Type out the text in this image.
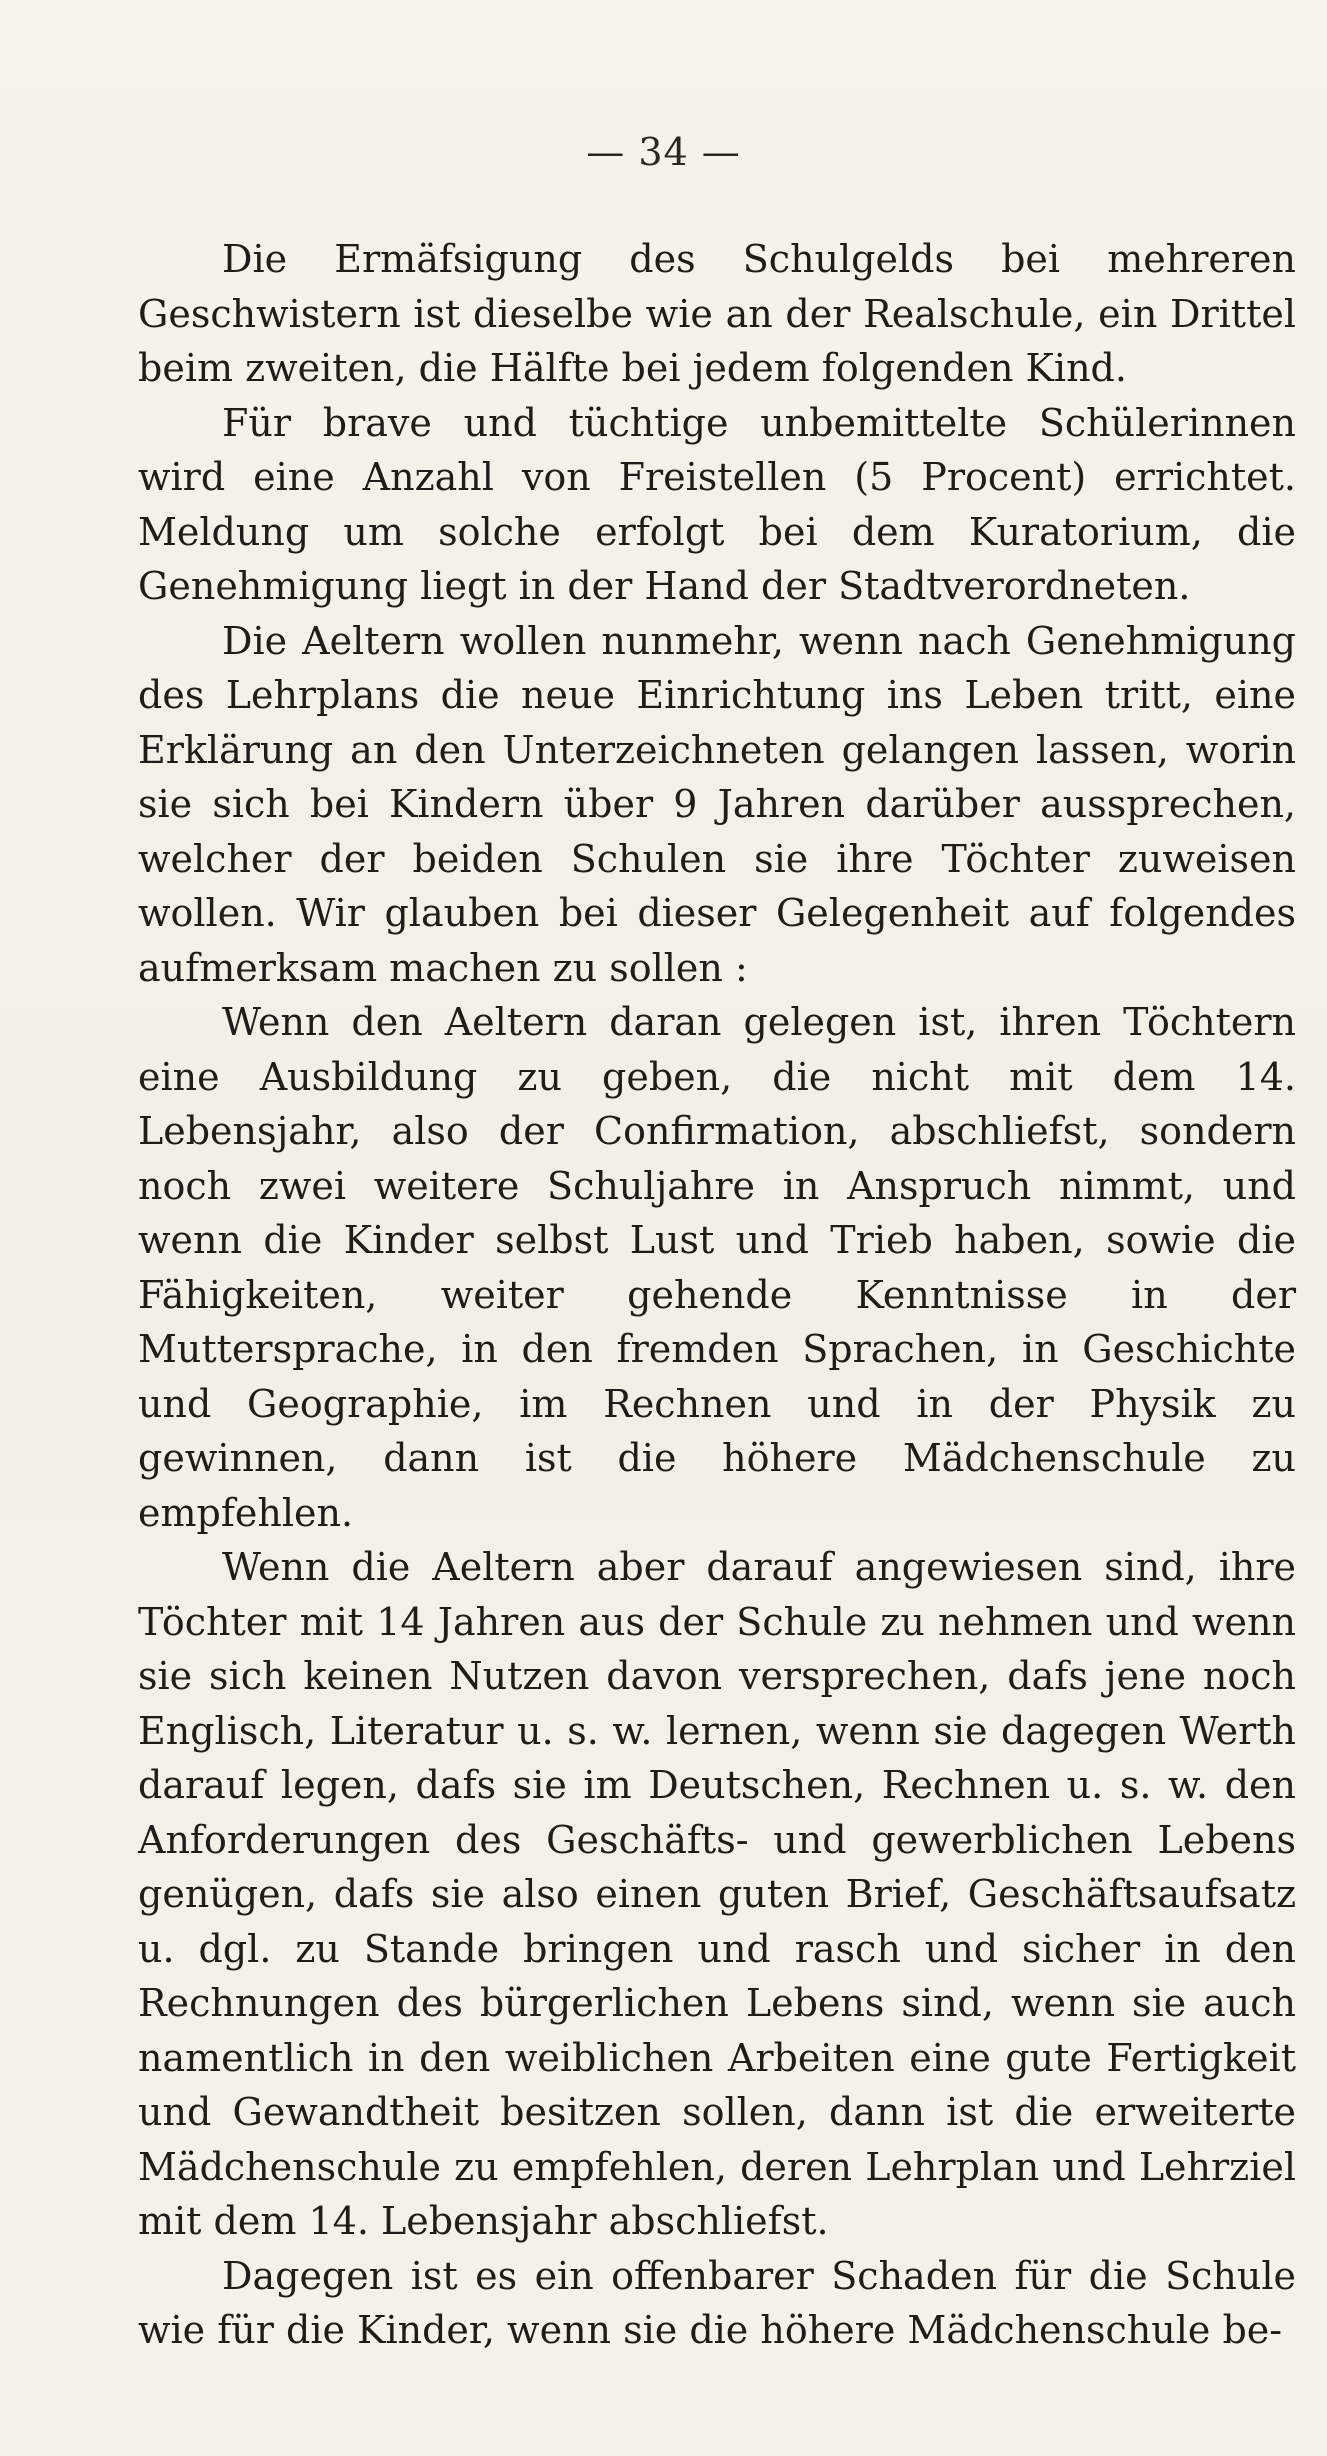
— 34 —

Die Ermäfsigung des Schulgelds bei mehreren Geschwistern ist dieselbe wie an der Realschule, ein Drittel beim zweiten, die Hälfte bei jedem folgenden Kind.

Für brave und tüchtige unbemittelte Schülerinnen wird eine Anzahl von Freistellen (5 Procent) errichtet. Meldung um solche erfolgt bei dem Kuratorium, die Genehmigung liegt in der Hand der Stadtverordneten.

Die Aeltern wollen nunmehr, wenn nach Genehmigung des Lehrplans die neue Einrichtung ins Leben tritt, eine Erklärung an den Unterzeichneten gelangen lassen, worin sie sich bei Kindern über 9 Jahren darüber aussprechen, welcher der beiden Schulen sie ihre Töchter zuweisen wollen. Wir glauben bei dieser Gelegenheit auf folgendes aufmerksam machen zu sollen :

Wenn den Aeltern daran gelegen ist, ihren Töchtern eine Ausbildung zu geben, die nicht mit dem 14. Lebensjahr, also der Confirmation, abschliefst, sondern noch zwei weitere Schuljahre in Anspruch nimmt, und wenn die Kinder selbst Lust und Trieb haben, sowie die Fähigkeiten, weiter gehende Kenntnisse in der Muttersprache, in den fremden Sprachen, in Geschichte und Geographie, im Rechnen und in der Physik zu gewinnen, dann ist die höhere Mädchenschule zu empfehlen.

Wenn die Aeltern aber darauf angewiesen sind, ihre Töchter mit 14 Jahren aus der Schule zu nehmen und wenn sie sich keinen Nutzen davon versprechen, dafs jene noch Englisch, Literatur u. s. w. lernen, wenn sie dagegen Werth darauf legen, dafs sie im Deutschen, Rechnen u. s. w. den Anforderungen des Geschäfts- und gewerblichen Lebens genügen, dafs sie also einen guten Brief, Geschäftsaufsatz u. dgl. zu Stande bringen und rasch und sicher in den Rechnungen des bürgerlichen Lebens sind, wenn sie auch namentlich in den weiblichen Arbeiten eine gute Fertigkeit und Gewandtheit besitzen sollen, dann ist die erweiterte Mädchenschule zu empfehlen, deren Lehrplan und Lehrziel mit dem 14. Lebensjahr abschliefst.

Dagegen ist es ein offenbarer Schaden für die Schule wie für die Kinder, wenn sie die höhere Mädchenschule be-
